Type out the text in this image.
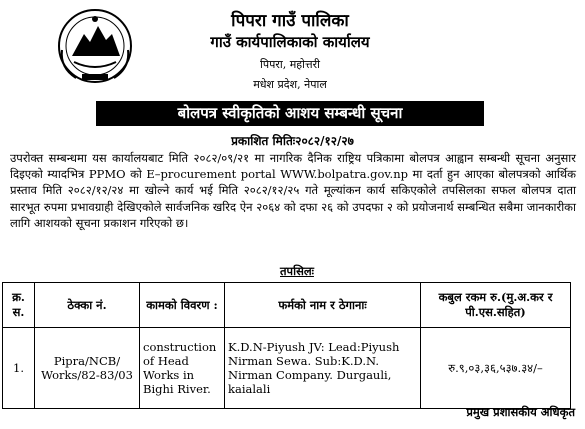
पिपरा गाउँ पालिका
गाउँ कार्यपालिकाको कार्यालय
पिपरा, महोत्तरी
मधेश प्रदेश, नेपाल
बोलपत्र स्वीकृतिको आशय सम्बन्धी सूचना
प्रकाशित मितिः२०८२/१२/२७
उपरोक्त सम्बन्धमा यस कार्यालयबाट मिति २०८२/०९/२१ मा नागरिक दैनिक राष्ट्रिय पत्रिकामा बोलपत्र आह्वान सम्बन्धी सूचना अनुसार दिइएको म्यादभित्र PPMO को E–procurement portal WWW.bolpatra.gov.np मा दर्ता हुन आएका बोलपत्रको आर्थिक प्रस्ताव मिति २०८२/१२/२४ मा खोल्ने कार्य भई मिति २०८२/१२/२५ गते मूल्यांकन कार्य सकिएकोले तपसिलका सफल बोलपत्र दाता सारभूत रुपमा प्रभावग्राही देखिएकोले सार्वजनिक खरिद ऐन २०६४ को दफा २६ को उपदफा २ को प्रयोजनार्थ सम्बन्धित सबैमा जानकारीका लागि आशयको सूचना प्रकाशन गरिएको छ।
तपसिलः
क्र. स.	ठेक्का नं.	कामको विवरण :	फर्मको नाम र ठेगानाः	कबुल रकम रु.(मु.अ.कर र पी.एस.सहित)
1.	Pipra/NCB/ Works/82-83/03	construction of Head Works in Bighi River.	K.D.N-Piyush JV: Lead:Piyush Nirman Sewa. Sub:K.D.N. Nirman Company. Durgauli, kaialali	रु.९,०३,३६,५३७.३४/–
प्रमुख प्रशासकीय अधिकृत
